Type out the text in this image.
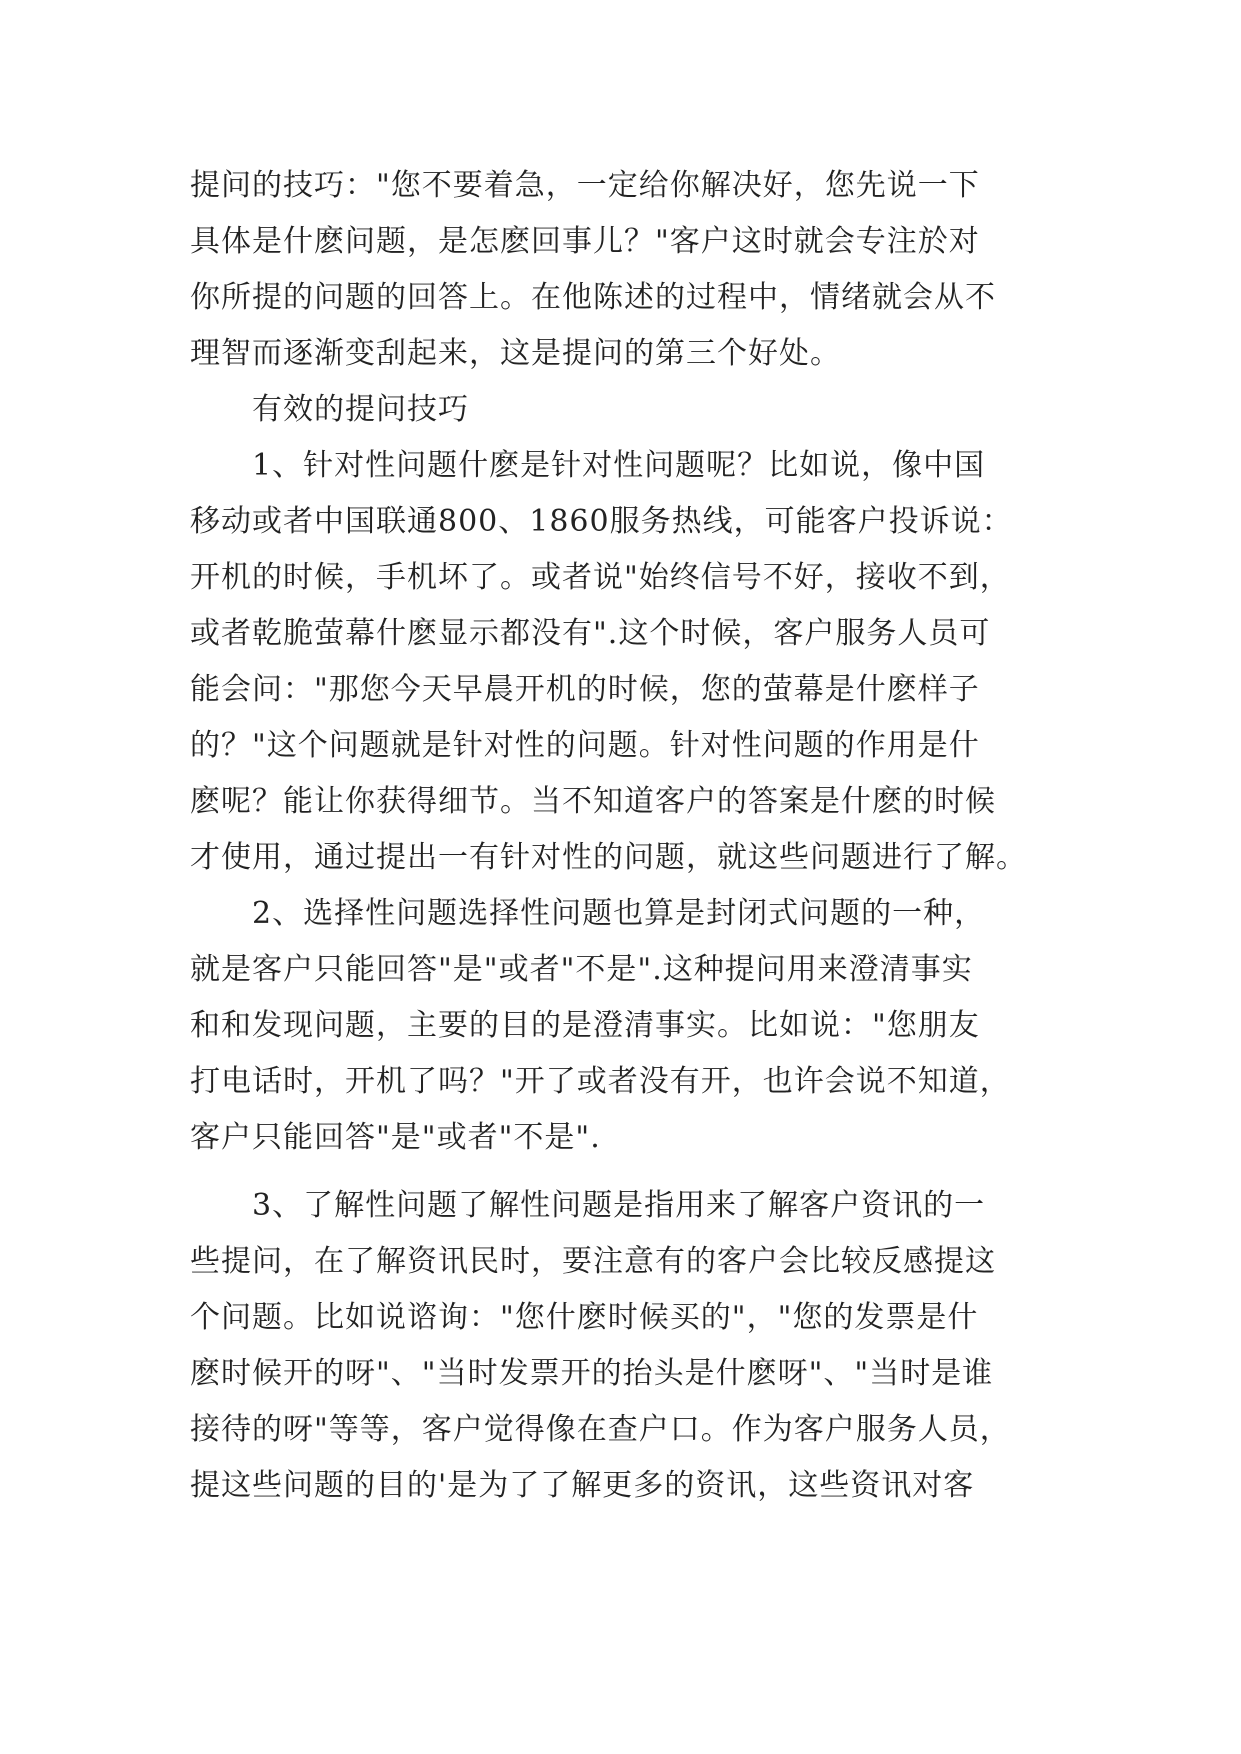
提问的技巧："您不要着急，一定给你解决好，您先说一下
具体是什麽问题，是怎麽回事儿？"客户这时就会专注於对
你所提的问题的回答上。在他陈述的过程中，情绪就会从不
理智而逐渐变刮起来，这是提问的第三个好处。
　　有效的提问技巧
　　1、针对性问题什麽是针对性问题呢？比如说，像中国
移动或者中国联通800、1860服务热线，可能客户投诉说：
开机的时候，手机坏了。或者说"始终信号不好，接收不到，
或者乾脆萤幕什麽显示都没有".这个时候，客户服务人员可
能会问："那您今天早晨开机的时候，您的萤幕是什麽样子
的？"这个问题就是针对性的问题。针对性问题的作用是什
麽呢？能让你获得细节。当不知道客户的答案是什麽的时候
才使用，通过提出一有针对性的问题，就这些问题进行了解。
　　2、选择性问题选择性问题也算是封闭式问题的一种，
就是客户只能回答"是"或者"不是".这种提问用来澄清事实
和和发现问题，主要的目的是澄清事实。比如说："您朋友
打电话时，开机了吗？"开了或者没有开，也许会说不知道，
客户只能回答"是"或者"不是".
　　3、了解性问题了解性问题是指用来了解客户资讯的一
些提问，在了解资讯民时，要注意有的客户会比较反感提这
个问题。比如说谘询："您什麽时候买的"，"您的发票是什
麽时候开的呀"、"当时发票开的抬头是什麽呀"、"当时是谁
接待的呀"等等，客户觉得像在查户口。作为客户服务人员，
提这些问题的目的'是为了了解更多的资讯，这些资讯对客
